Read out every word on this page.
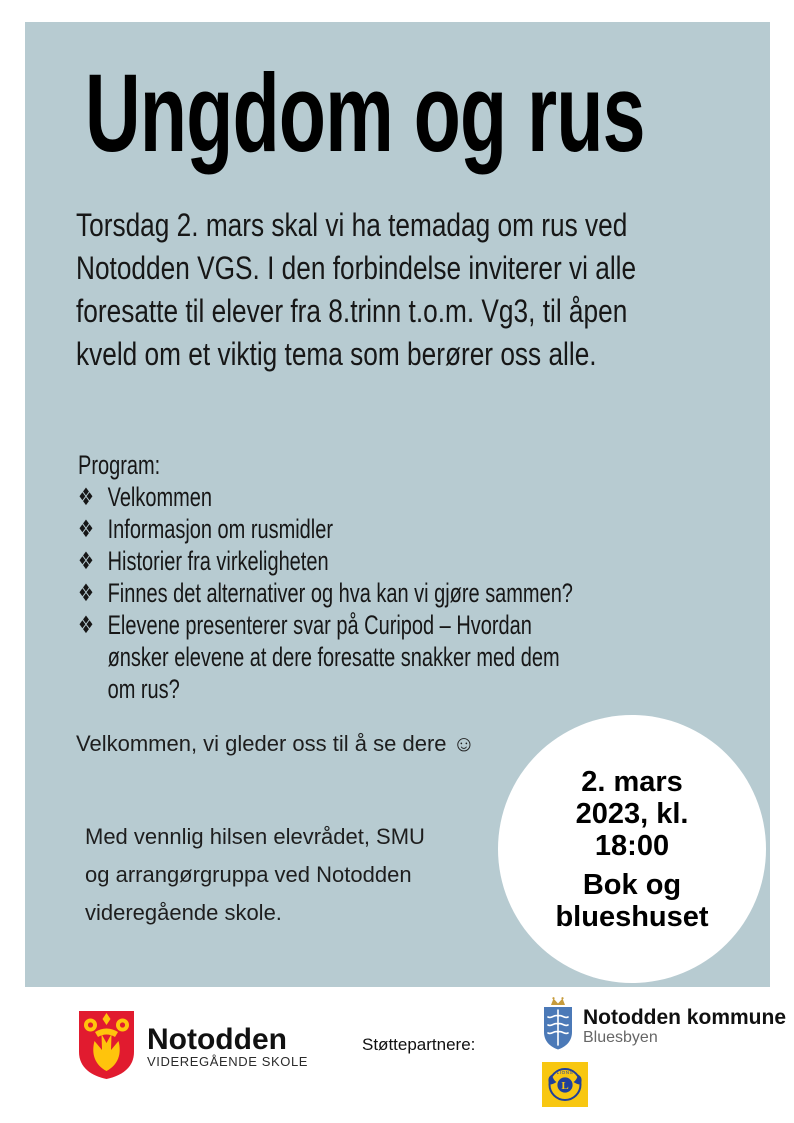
Ungdom og rus
Torsdag 2. mars skal vi ha temadag om rus ved
Notodden VGS. I den forbindelse inviterer vi alle
foresatte til elever fra 8.trinn t.o.m. Vg3, til åpen
kveld om et viktig tema som berører oss alle.
Program:
❖ Velkommen
❖ Informasjon om rusmidler
❖ Historier fra virkeligheten
❖ Finnes det alternativer og hva kan vi gjøre sammen?
❖ Elevene presenterer svar på Curipod – Hvordan ønsker elevene at dere foresatte snakker med dem om rus?
Velkommen, vi gleder oss til å se dere ☺
Med vennlig hilsen elevrådet, SMU
og arrangørgruppa ved Notodden
videregående skole.
2. mars
2023, kl.
18:00
Bok og
blueshuset
Notodden
VIDEREGÅENDE SKOLE
Støttepartnere:
Notodden kommune
Bluesbyen
L
LIONS
